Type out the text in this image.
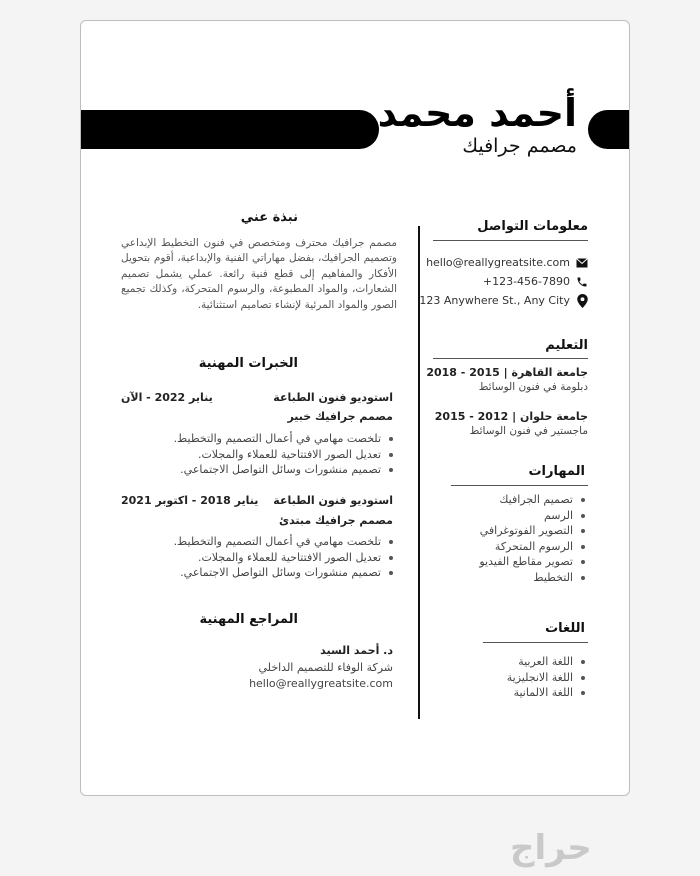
أحمد محمد
مصمم جرافيك
معلومات التواصل
hello@reallygreatsite.com
+123-456-7890
123 Anywhere St., Any City
التعليم
جامعة القاهرة | 2015 - 2018
دبلومة في فنون الوسائط
جامعة حلوان | 2012 - 2015
ماجستير في فنون الوسائط
المهارات
تصميم الجرافيك
الرسم
التصوير الفوتوغرافي
الرسوم المتحركة
تصوير مقاطع الفيديو
التخطيط
اللغات
اللغة العربية
اللغة الانجليزية
اللغة الالمانية
نبذة عني
مصمم جرافيك محترف ومتخصص في فنون التخطيط الإبداعي وتصميم الجرافيك، بفضل مهاراتي الفنية والإبداعية، أقوم بتحويل الأفكار والمفاهيم إلى قطع فنية رائعة. عملي يشمل تصميم الشعارات، والمواد المطبوعة، والرسوم المتحركة، وكذلك تجميع الصور والمواد المرئية لإنشاء تصاميم استثنائية.
الخبرات المهنية
استوديو فنون الطباعة
يناير 2022 - الآن
مصمم جرافيك خبير
تلخصت مهامي في أعمال التصميم والتخطيط.
تعديل الصور الافتتاحية للعملاء والمجلات.
تصميم منشورات وسائل التواصل الاجتماعي.
استوديو فنون الطباعة
يناير 2018 - اكتوبر 2021
مصمم جرافيك مبتدئ
تلخصت مهامي في أعمال التصميم والتخطيط.
تعديل الصور الافتتاحية للعملاء والمجلات.
تصميم منشورات وسائل التواصل الاجتماعي.
المراجع المهنية
د. أحمد السيد
شركة الوفاء للتصميم الداخلي
hello@reallygreatsite.com
حراج
